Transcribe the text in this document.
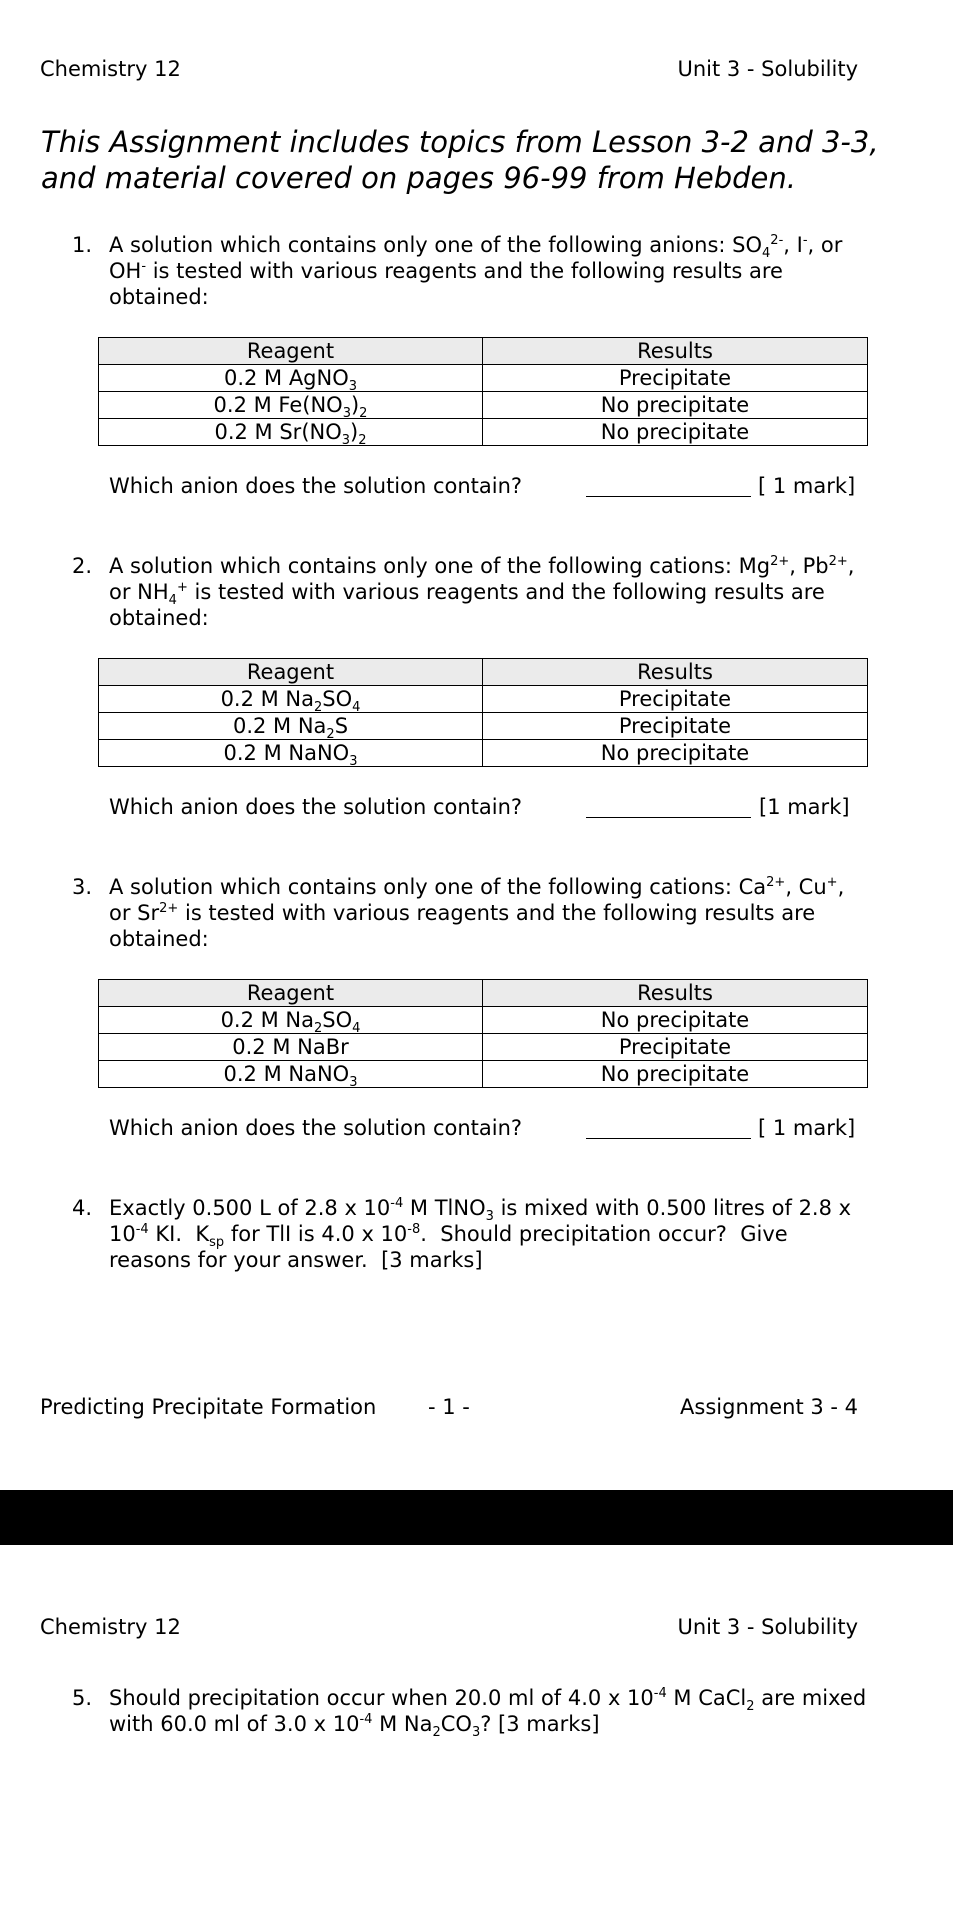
Chemistry 12	Unit 3 - Solubility
This Assignment includes topics from Lesson 3-2 and 3-3,
and material covered on pages 96-99 from Hebden.
1. A solution which contains only one of the following anions: $SO_4^{2-}$, I-, or OH- is tested with various reagents and the following results are obtained:
Reagent	Results
0.2 M AgNO$_3$	Precipitate
0.2 M $Fe(NO_3)_2$	No precipitate
0.2 M $Sr(NO_3)_2$	No precipitate
Which anion does the solution contain?	[ 1 mark]
2. A solution which contains only one of the following cations: $Mg^{2+}$, $Pb^{2+}$, or $NH_4^+$ is tested with various reagents and the following results are obtained:
Reagent	Results
0.2 M $Na_2SO_4$	Precipitate
0.2 M $Na_2S$	Precipitate
0.2 M NaNO$_3$	No precipitate
Which anion does the solution contain?	[1 mark]
3. A solution which contains only one of the following cations: $Ca^{2+}$, Cu+, or $Sr^{2+}$ is tested with various reagents and the following results are obtained:
Reagent	Results
0.2 M $Na_2SO_4$	No precipitate
0.2 M NaBr	Precipitate
0.2 M NaNO$_3$	No precipitate
Which anion does the solution contain?	[ 1 mark]
4. Exactly 0.500 L of 2.8 x $10^{-4}$ M TlNO$_3$ is mixed with 0.500 litres of 2.8 x $10^{-4}$ KI.  $K_{sp}$ for TlI is 4.0 x $10^{-8}$.  Should precipitation occur?  Give reasons for your answer.  [3 marks]
Predicting Precipitate Formation - 1 -	Assignment 3 - 4
Chemistry 12	Unit 3 - Solubility
5. Should precipitation occur when 20.0 ml of 4.0 x $10^{-4}$ M CaCl$_2$ are mixed with 60.0 ml of 3.0 x $10^{-4}$ M $Na_2CO_3$? [3 marks]
